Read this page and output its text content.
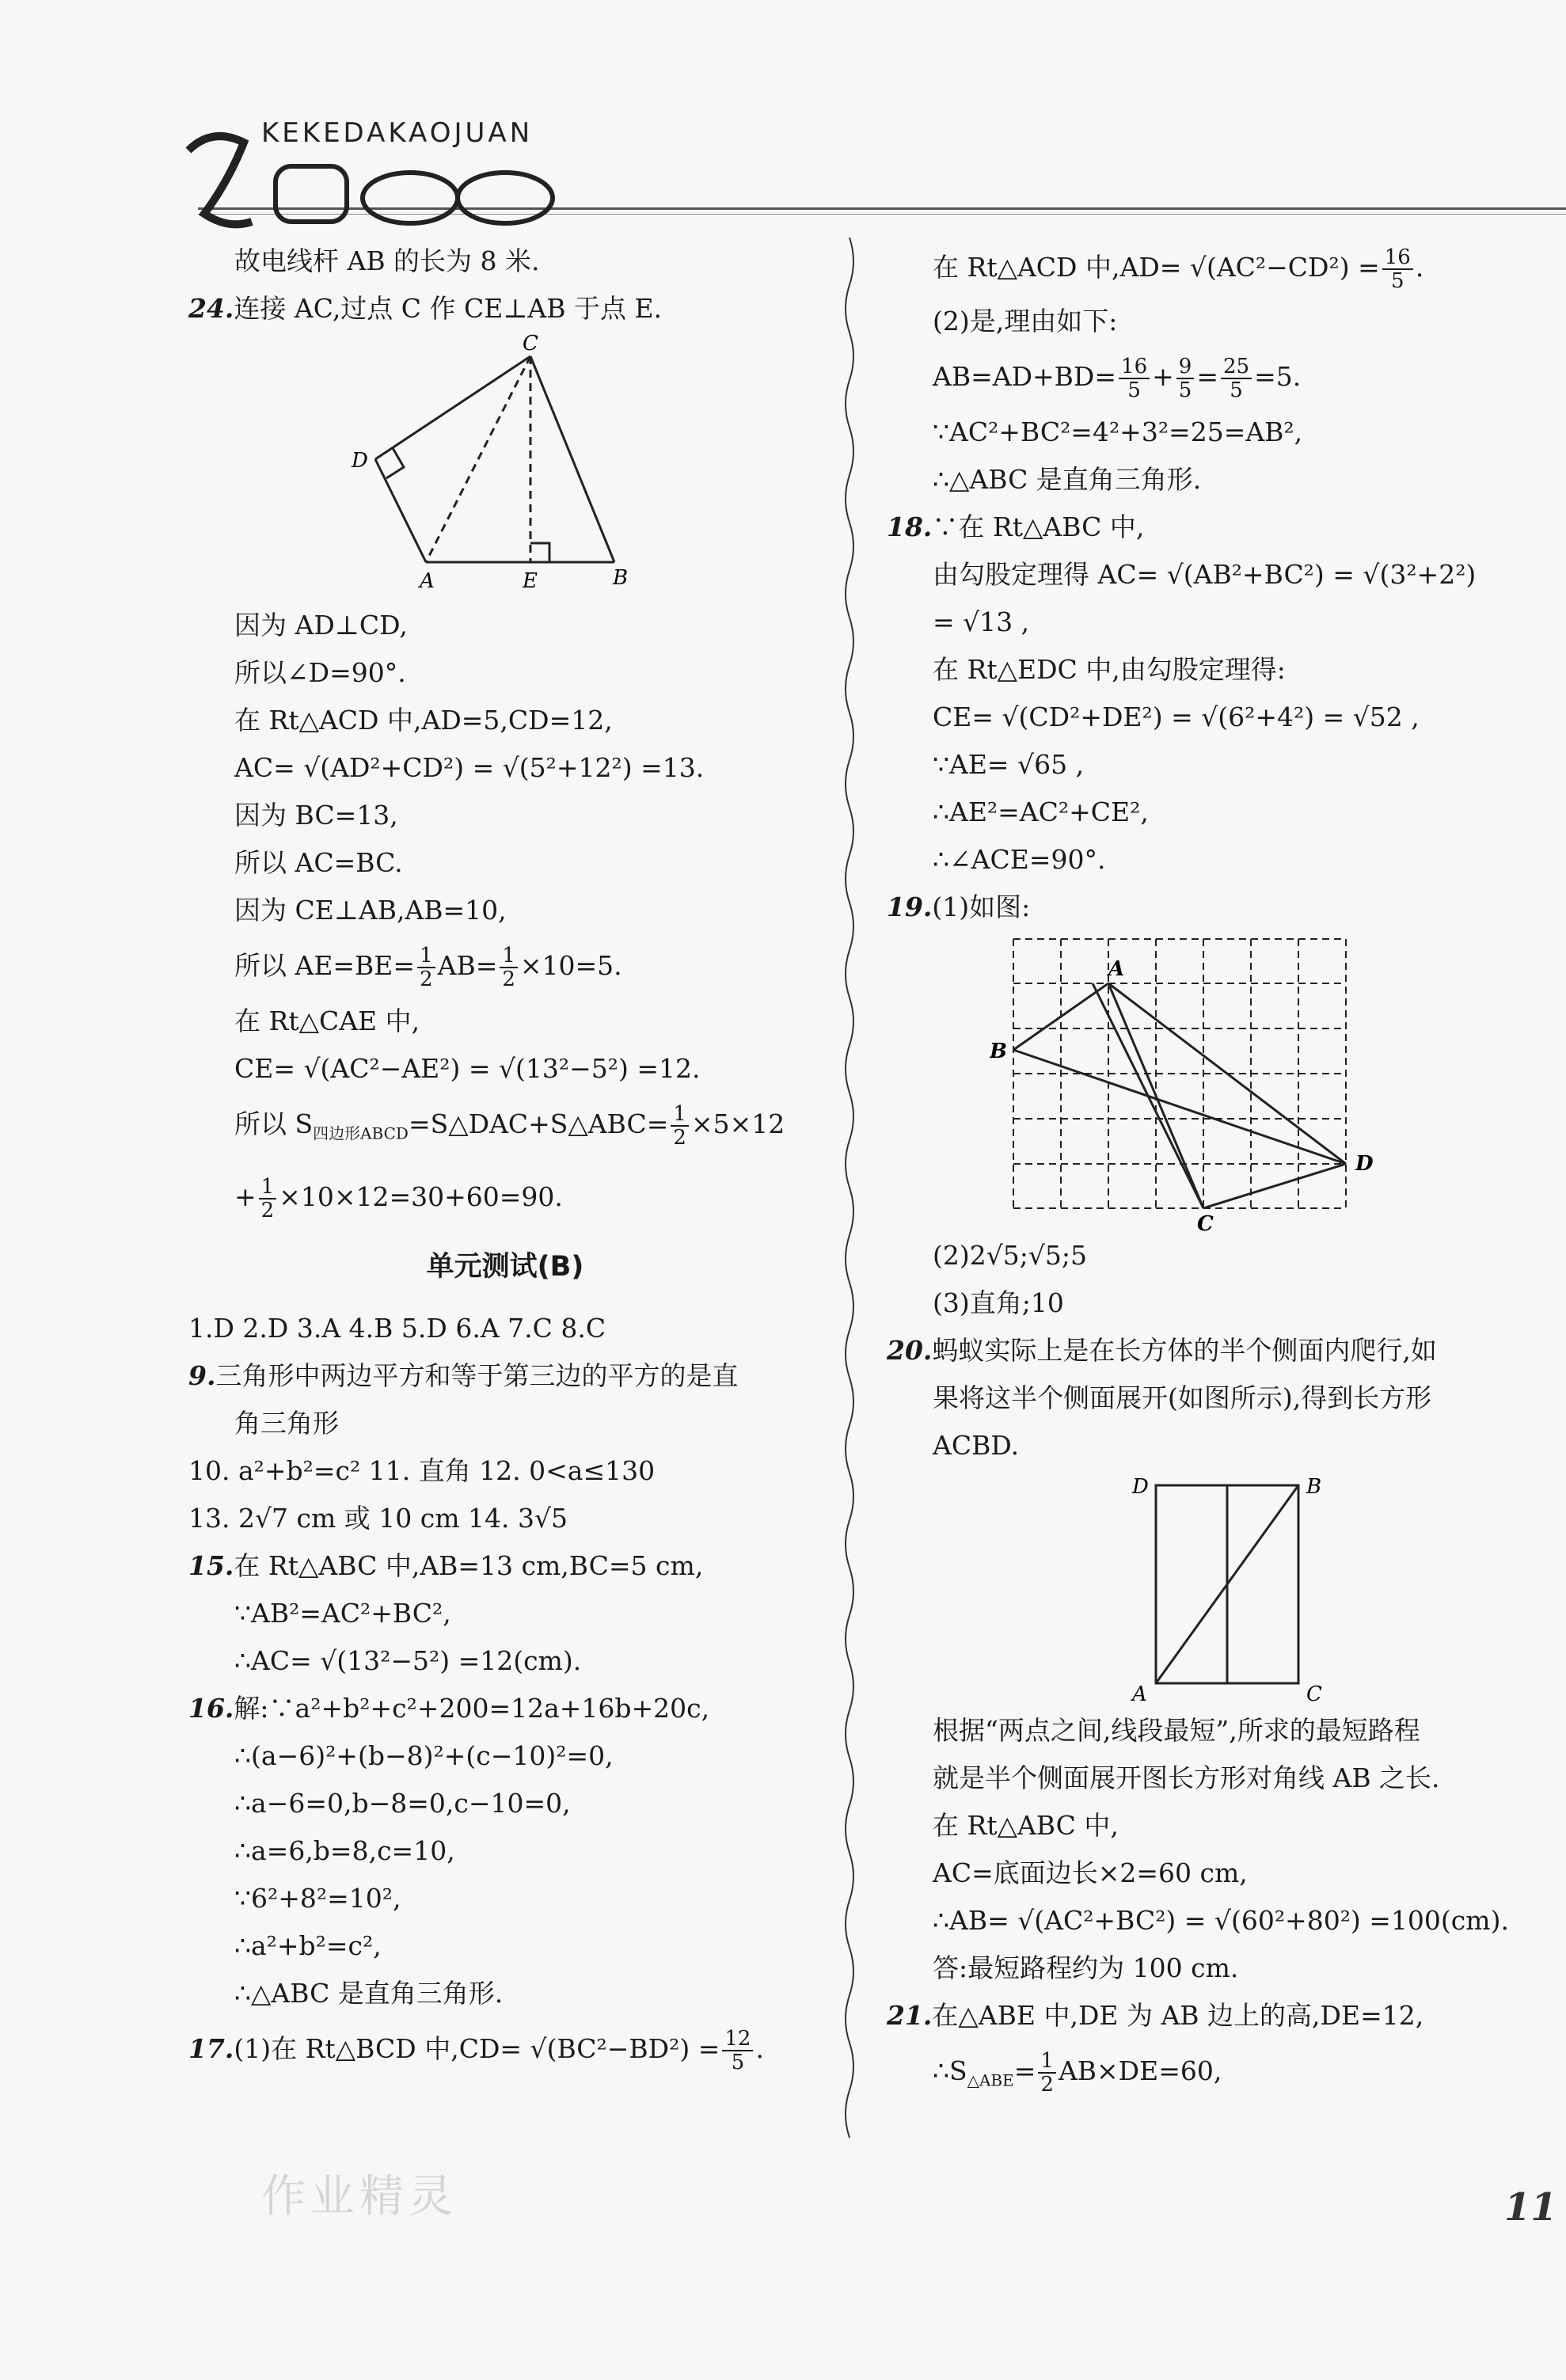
KEKEDAKAOJUAN
故电线杆 AB 的长为 8 米.
24.连接 AC,过点 C 作 CE⊥AB 于点 E.
C
D
A	E	B
因为 AD⊥CD,
所以∠D=90°.
在 Rt△ACD 中,AD=5,CD=12,
AC= √(AD²+CD²) = √(5²+12²) =13.
因为 BC=13,
所以 AC=BC.
因为 CE⊥AB,AB=10,
所以 $AE=BE= \frac{1}{2} AB= \frac{1}{2} \times 10=5$.
在 Rt△CAE 中,
CE= √(AC²−AE²) = √(13²−5²) =12.
所以 $S_{四边形ABCD}=S\triangle DAC+S\triangle ABC= \frac{1}{2} \times 5\times 12$
+ $\frac{1}{2} \times 10\times 12=30+60=90$.
单元测试(B)
1.D 2.D 3.A 4.B 5.D 6.A 7.C 8.C
9.三角形中两边平方和等于第三边的平方的是直
角三角形
10. a²+b²=c² 11. 直角 12. 0<a≤130
13. 2√7 cm 或 10 cm 14. 3√5
15.在 Rt△ABC 中,AB=13 cm,BC=5 cm,
∵AB²=AC²+BC²,
∴AC= √(13²−5²) =12(cm).
16.解:∵a²+b²+c²+200=12a+16b+20c,
∴(a−6)²+(b−8)²+(c−10)²=0,
∴a−6=0,b−8=0,c−10=0,
∴a=6,b=8,c=10,
∵6²+8²=10²,
∴a²+b²=c²,
∴△ABC 是直角三角形.
17.(1)在 Rt△BCD 中$,CD= √(BC^2-BD^2) = \frac{12}{5}$ .
在 Rt△ACD 中$,AD= √(AC^2-CD^2) = \frac{16}{5}$ .
(2)是,理由如下:
$AB=AD+BD= \frac{16}{5} + \frac{9}{5} = \frac{25}{5} =5$.
∵AC²+BC²=4²+3²=25=AB²,
∴△ABC 是直角三角形.
18.∵在 Rt△ABC 中,
由勾股定理得 AC= √(AB²+BC²) = √(3²+2²)
= √13 ,
在 Rt△EDC 中,由勾股定理得:
CE= √(CD²+DE²) = √(6²+4²) = √52 ,
∵AE= √65 ,
∴AE²=AC²+CE²,
∴∠ACE=90°.
19.(1)如图:
A
B
C
D
(2)2√5;√5;5
(3)直角;10
20.蚂蚁实际上是在长方体的半个侧面内爬行,如
果将这半个侧面展开(如图所示),得到长方形
ACBD.
D	B
A	C
根据“两点之间,线段最短”,所求的最短路程
就是半个侧面展开图长方形对角线 AB 之长.
在 Rt△ABC 中,
AC=底面边长×2=60 cm,
∴AB= √(AC²+BC²) = √(60²+80²) =100(cm).
答:最短路程约为 100 cm.
21.在△ABE 中,DE 为 AB 边上的高,DE=12,
$\therefore S_{\triangle ABE}= \frac{1}{2} AB\times DE=60$,
作业精灵	11
